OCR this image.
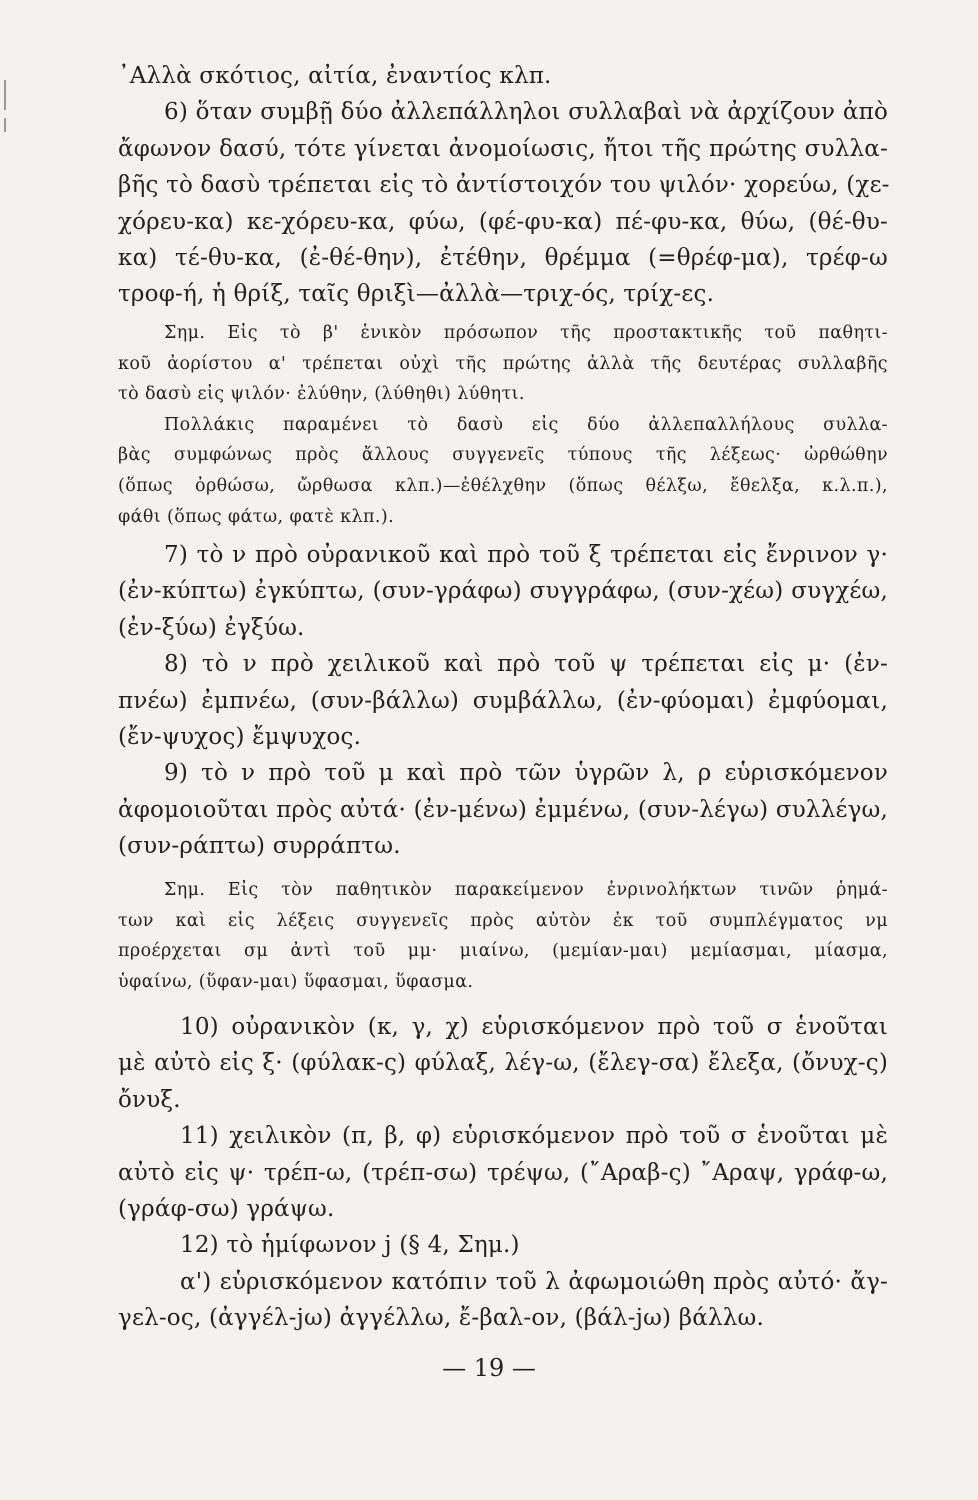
᾿Αλλὰ σκότιος, αἰτία, ἐναντίος κλπ.
6) ὅταν συμβῇ δύο ἀλλεπάλληλοι συλλαβαὶ νὰ ἀρχίζουν ἀπὸ
ἄφωνον δασύ, τότε γίνεται ἀνομοίωσις, ἤτοι τῆς πρώτης συλλα-
βῆς τὸ δασὺ τρέπεται εἰς τὸ ἀντίστοιχόν του ψιλόν· χορεύω, (χε-
χόρευ-κα) κε-χόρευ-κα, φύω, (φέ-φυ-κα) πέ-φυ-κα, θύω, (θέ-θυ-
κα) τέ-θυ-κα, (ἐ-θέ-θην), ἐτέθην, θρέμμα (=θρέφ-μα), τρέφ-ω
τροφ-ή, ἡ θρίξ, ταῖς θριξὶ—ἀλλὰ—τριχ-ός, τρίχ-ες.
Σημ. Εἰς τὸ β' ἑνικὸν πρόσωπον τῆς προστακτικῆς τοῦ παθητι-
κοῦ ἀορίστου α' τρέπεται οὐχὶ τῆς πρώτης ἀλλὰ τῆς δευτέρας συλλαβῆς
τὸ δασὺ εἰς ψιλόν· ἐλύθην, (λύθηθι) λύθητι.
Πολλάκις παραμένει τὸ δασὺ εἰς δύο ἀλλεπαλλήλους συλλα-
βὰς συμφώνως πρὸς ἄλλους συγγενεῖς τύπους τῆς λέξεως· ὠρθώθην
(ὅπως ὀρθώσω, ὤρθωσα κλπ.)—ἐθέλχθην (ὅπως θέλξω, ἔθελξα, κ.λ.π.),
φάθι (ὅπως φάτω, φατὲ κλπ.).
7) τὸ ν πρὸ οὐρανικοῦ καὶ πρὸ τοῦ ξ τρέπεται εἰς ἔνρινον γ·
(ἐν-κύπτω) ἐγκύπτω, (συν-γράφω) συγγράφω, (συν-χέω) συγχέω,
(ἐν-ξύω) ἐγξύω.
8) τὸ ν πρὸ χειλικοῦ καὶ πρὸ τοῦ ψ τρέπεται εἰς μ· (ἐν-
πνέω) ἐμπνέω, (συν-βάλλω) συμβάλλω, (ἐν-φύομαι) ἐμφύομαι,
(ἔν-ψυχος) ἔμψυχος.
9) τὸ ν πρὸ τοῦ μ καὶ πρὸ τῶν ὑγρῶν λ, ρ εὑρισκόμενον
ἀφομοιοῦται πρὸς αὐτά· (ἐν-μένω) ἐμμένω, (συν-λέγω) συλλέγω,
(συν-ράπτω) συρράπτω.
Σημ. Εἰς τὸν παθητικὸν παρακείμενον ἐνρινολήκτων τινῶν ῥημά-
των καὶ εἰς λέξεις συγγενεῖς πρὸς αὐτὸν ἐκ τοῦ συμπλέγματος νμ
προέρχεται σμ ἀντὶ τοῦ μμ· μιαίνω, (μεμίαν-μαι) μεμίασμαι, μίασμα,
ὑφαίνω, (ὕφαν-μαι) ὕφασμαι, ὕφασμα.
10) οὐρανικὸν (κ, γ, χ) εὑρισκόμενον πρὸ τοῦ σ ἑνοῦται
μὲ αὐτὸ εἰς ξ· (φύλακ-ς) φύλαξ, λέγ-ω, (ἔλεγ-σα) ἔλεξα, (ὄνυχ-ς)
ὄνυξ.
11) χειλικὸν (π, β, φ) εὑρισκόμενον πρὸ τοῦ σ ἑνοῦται μὲ
αὐτὸ εἰς ψ· τρέπ-ω, (τρέπ-σω) τρέψω, (῎Αραβ-ς) ῎Αραψ, γράφ-ω,
(γράφ-σω) γράψω.
12) τὸ ἡμίφωνον j (§ 4, Σημ.)
α') εὑρισκόμενον κατόπιν τοῦ λ ἀφωμοιώθη πρὸς αὐτό· ἄγ-
γελ-ος, (ἀγγέλ-jω) ἀγγέλλω, ἔ-βαλ-ον, (βάλ-jω) βάλλω.
— 19 —
